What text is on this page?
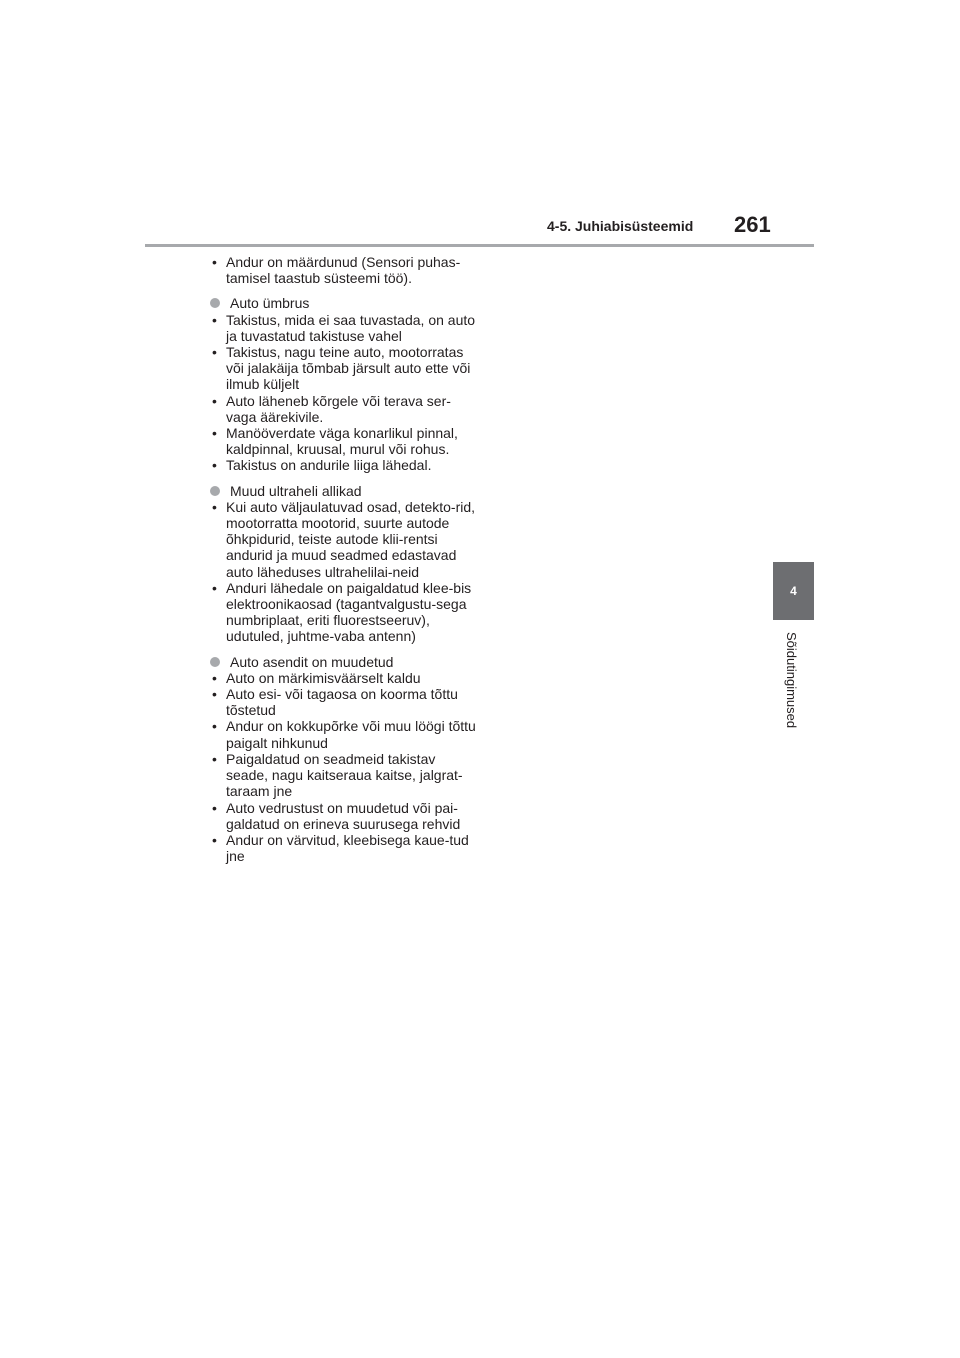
4-5. Juhiabisüsteemid 261
4
Sõidutingimused

• Andur on määrdunud (Sensori puhas-tamisel taastub süsteemi töö).

Auto ümbrus

• Takistus, mida ei saa tuvastada, on auto ja tuvastatud takistuse vahel

• Takistus, nagu teine auto, mootorratas või jalakäija tõmbab järsult auto ette või ilmub küljelt

• Auto läheneb kõrgele või terava ser-vaga äärekivile.

• Manööverdate väga konarlikul pinnal, kaldpinnal, kruusal, murul või rohus.

• Takistus on andurile liiga lähedal.

Muud ultraheli allikad

• Kui auto väljaulatuvad osad, detekto-rid, mootorratta mootorid, suurte autode õhkpidurid, teiste autode klii-rentsi andurid ja muud seadmed edastavad auto läheduses ultrahelilai-neid

• Anduri lähedale on paigaldatud klee-bis elektroonikaosad (tagantvalgustu-sega numbriplaat, eriti fluorestseeruv), udutuled, juhtme-vaba antenn)

Auto asendit on muudetud

• Auto on märkimisväärselt kaldu

• Auto esi- või tagaosa on koorma tõttu tõstetud

• Andur on kokkupõrke või muu löögi tõttu paigalt nihkunud

• Paigaldatud on seadmeid takistav seade, nagu kaitseraua kaitse, jalgrat-taraam jne

• Auto vedrustust on muudetud või pai-galdatud on erineva suurusega rehvid

• Andur on värvitud, kleebisega kaue-tud jne
